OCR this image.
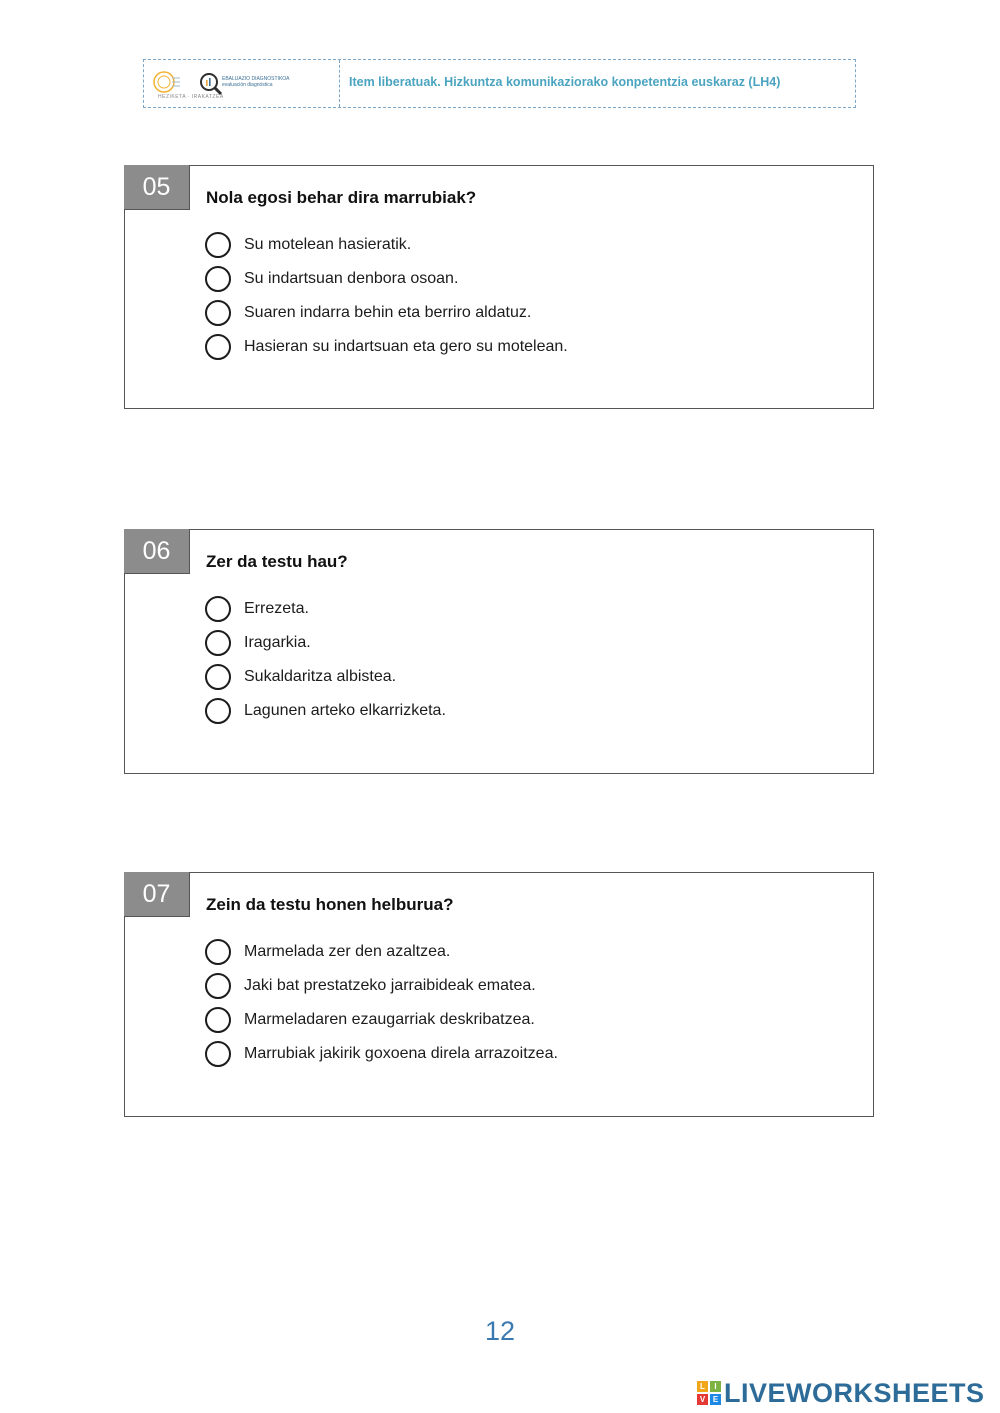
HEZIKETA · IRAKATZEA
EBALUAZIO DIAGNOSTIKOA
evaluación diagnóstica	Item liberatuak. Hizkuntza komunikaziorako konpetentzia euskaraz (LH4)
05	Nola egosi behar dira marrubiak?
Su motelean hasieratik.
Su indartsuan denbora osoan.
Suaren indarra behin eta berriro aldatuz.
Hasieran su indartsuan eta gero su motelean.
06	Zer da testu hau?
Errezeta.
Iragarkia.
Sukaldaritza albistea.
Lagunen arteko elkarrizketa.
07	Zein da testu honen helburua?
Marmelada zer den azaltzea.
Jaki bat prestatzeko jarraibideak ematea.
Marmeladaren ezaugarriak deskribatzea.
Marrubiak jakirik goxoena direla arrazoitzea.
12
L	I
V E LIVEWORKSHEETS
